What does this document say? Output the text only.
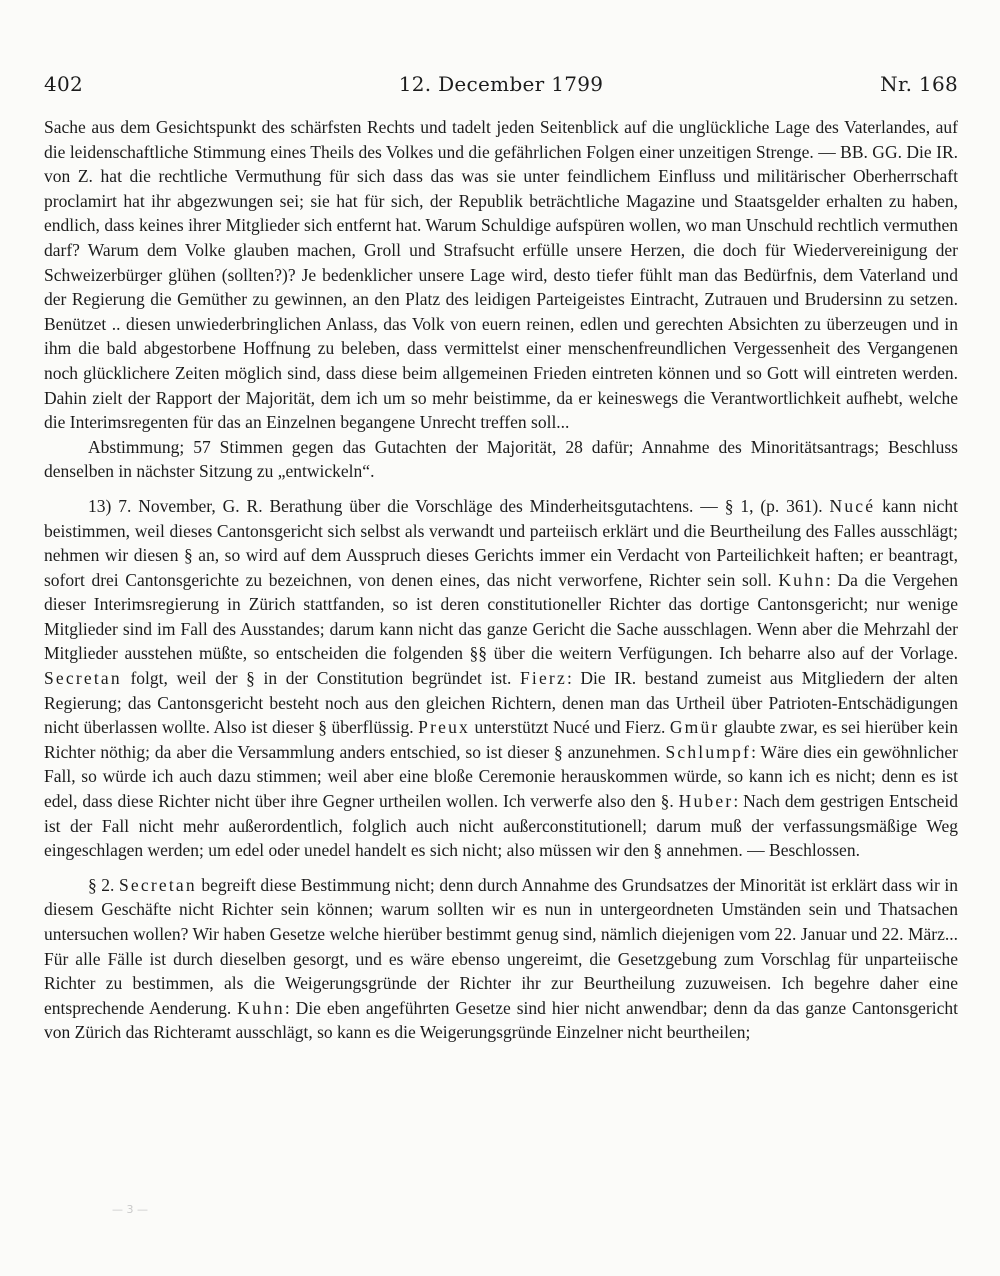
402	12. December 1799	Nr. 168

Sache aus dem Gesichtspunkt des schärfsten Rechts und tadelt jeden Seitenblick auf die unglückliche Lage des Vaterlandes, auf die leidenschaftliche Stimmung eines Theils des Volkes und die gefährlichen Folgen einer unzeitigen Strenge. — BB. GG. Die IR. von Z. hat die rechtliche Vermuthung für sich dass das was sie unter feindlichem Einfluss und militärischer Oberherrschaft proclamirt hat ihr abgezwungen sei; sie hat für sich, der Republik beträchtliche Magazine und Staatsgelder erhalten zu haben, endlich, dass keines ihrer Mitglieder sich entfernt hat. Warum Schuldige aufspüren wollen, wo man Unschuld rechtlich vermuthen darf? Warum dem Volke glauben machen, Groll und Strafsucht erfülle unsere Herzen, die doch für Wiedervereinigung der Schweizerbürger glühen (sollten?)? Je bedenklicher unsere Lage wird, desto tiefer fühlt man das Bedürfnis, dem Vaterland und der Regierung die Gemüther zu gewinnen, an den Platz des leidigen Parteigeistes Eintracht, Zutrauen und Brudersinn zu setzen. Benützet .. diesen unwiederbringlichen Anlass, das Volk von euern reinen, edlen und gerechten Absichten zu überzeugen und in ihm die bald abgestorbene Hoffnung zu beleben, dass vermittelst einer menschenfreundlichen Vergessenheit des Vergangenen noch glücklichere Zeiten möglich sind, dass diese beim allgemeinen Frieden eintreten können und so Gott will eintreten werden. Dahin zielt der Rapport der Majorität, dem ich um so mehr beistimme, da er keineswegs die Verantwortlichkeit aufhebt, welche die Interimsregenten für das an Einzelnen begangene Unrecht treffen soll...

Abstimmung; 57 Stimmen gegen das Gutachten der Majorität, 28 dafür; Annahme des Minoritätsantrags; Beschluss denselben in nächster Sitzung zu „entwickeln“.

13) 7. November, G. R. Berathung über die Vorschläge des Minderheitsgutachtens. — § 1, (p. 361). Nucé kann nicht beistimmen, weil dieses Cantonsgericht sich selbst als verwandt und parteiisch erklärt und die Beurtheilung des Falles ausschlägt; nehmen wir diesen § an, so wird auf dem Ausspruch dieses Gerichts immer ein Verdacht von Parteilichkeit haften; er beantragt, sofort drei Cantonsgerichte zu bezeichnen, von denen eines, das nicht verworfene, Richter sein soll. Kuhn: Da die Vergehen dieser Interimsregierung in Zürich stattfanden, so ist deren constitutioneller Richter das dortige Cantonsgericht; nur wenige Mitglieder sind im Fall des Ausstandes; darum kann nicht das ganze Gericht die Sache ausschlagen. Wenn aber die Mehrzahl der Mitglieder ausstehen müßte, so entscheiden die folgenden §§ über die weitern Verfügungen. Ich beharre also auf der Vorlage. Secretan folgt, weil der § in der Constitution begründet ist. Fierz: Die IR. bestand zumeist aus Mitgliedern der alten Regierung; das Cantonsgericht besteht noch aus den gleichen Richtern, denen man das Urtheil über Patrioten-Entschädigungen nicht überlassen wollte. Also ist dieser § überflüssig. Preux unterstützt Nucé und Fierz. Gmür glaubte zwar, es sei hierüber kein Richter nöthig; da aber die Versammlung anders entschied, so ist dieser § anzunehmen. Schlumpf: Wäre dies ein gewöhnlicher Fall, so würde ich auch dazu stimmen; weil aber eine bloße Ceremonie herauskommen würde, so kann ich es nicht; denn es ist edel, dass diese Richter nicht über ihre Gegner urtheilen wollen. Ich verwerfe also den §. Huber: Nach dem gestrigen Entscheid ist der Fall nicht mehr außerordentlich, folglich auch nicht außerconstitutionell; darum muß der verfassungsmäßige Weg eingeschlagen werden; um edel oder unedel handelt es sich nicht; also müssen wir den § annehmen. — Beschlossen.

§ 2. Secretan begreift diese Bestimmung nicht; denn durch Annahme des Grundsatzes der Minorität ist erklärt dass wir in diesem Geschäfte nicht Richter sein können; warum sollten wir es nun in untergeordneten Umständen sein und Thatsachen untersuchen wollen? Wir haben Gesetze welche hierüber bestimmt genug sind, nämlich diejenigen vom 22. Januar und 22. März... Für alle Fälle ist durch dieselben gesorgt, und es wäre ebenso ungereimt, die Gesetzgebung zum Vorschlag für unparteiische Richter zu bestimmen, als die Weigerungsgründe der Richter ihr zur Beurtheilung zuzuweisen. Ich begehre daher eine entsprechende Aenderung. Kuhn: Die eben angeführten Gesetze sind hier nicht anwendbar; denn da das ganze Cantonsgericht von Zürich das Richteramt ausschlägt, so kann es die Weigerungsgründe Einzelner nicht beurtheilen;

— 3 —
